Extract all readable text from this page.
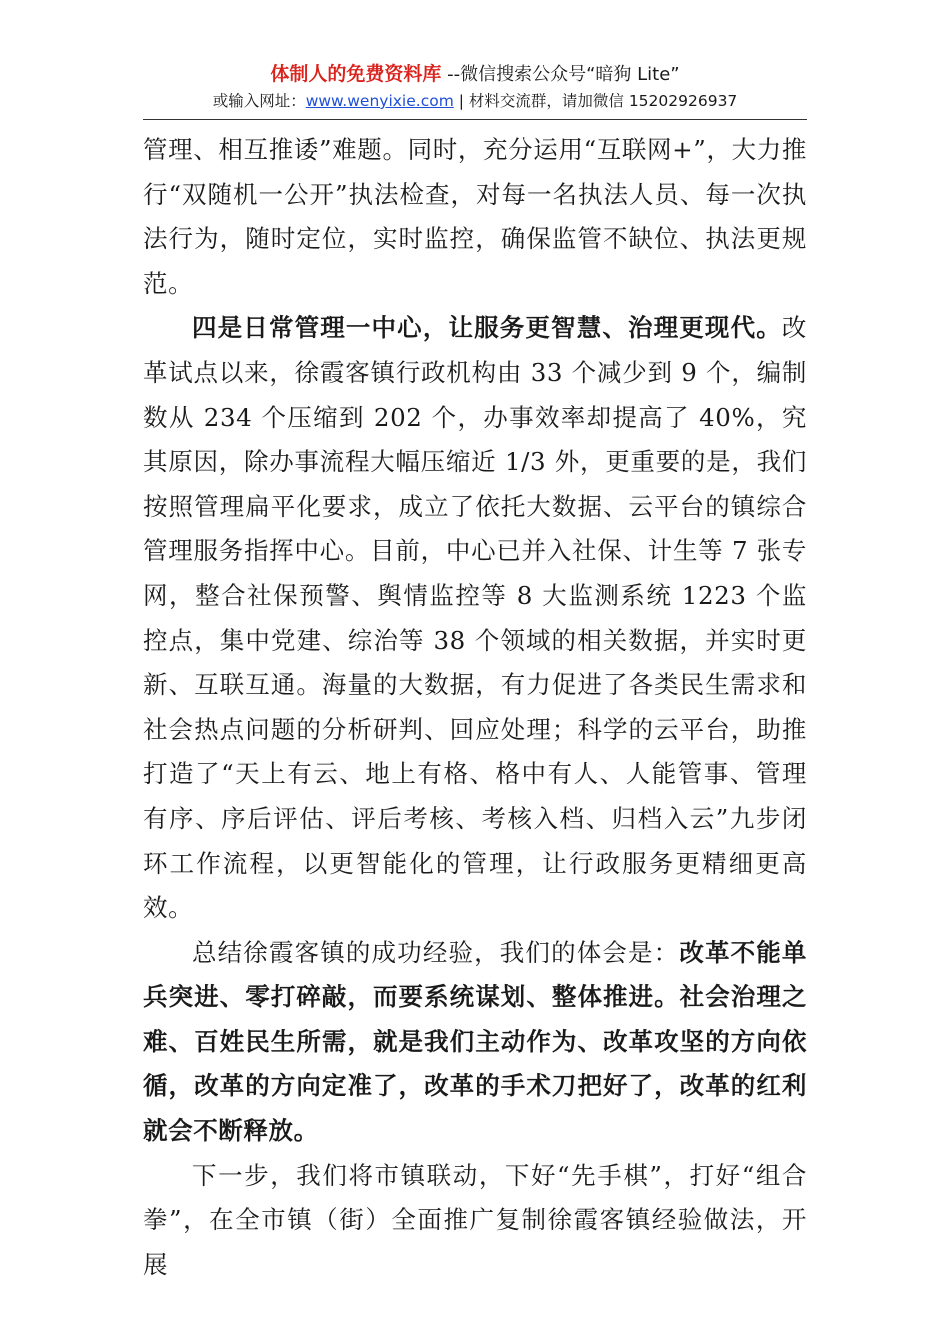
体制人的免费资料库 --微信搜索公众号“暗狗 Lite”
或输入网址：www.wenyixie.com | 材料交流群，请加微信 15202926937

管理、相互推诿”难题。同时，充分运用“互联网+”，大力推行“双随机一公开”执法检查，对每一名执法人员、每一次执法行为，随时定位，实时监控，确保监管不缺位、执法更规范。

四是日常管理一中心，让服务更智慧、治理更现代。改革试点以来，徐霞客镇行政机构由 33 个减少到 9 个，编制数从 234 个压缩到 202 个，办事效率却提高了 40%，究其原因，除办事流程大幅压缩近 1/3 外，更重要的是，我们按照管理扁平化要求，成立了依托大数据、云平台的镇综合管理服务指挥中心。目前，中心已并入社保、计生等 7 张专网，整合社保预警、舆情监控等 8 大监测系统 1223 个监控点，集中党建、综治等 38 个领域的相关数据，并实时更新、互联互通。海量的大数据，有力促进了各类民生需求和社会热点问题的分析研判、回应处理；科学的云平台，助推打造了“天上有云、地上有格、格中有人、人能管事、管理有序、序后评估、评后考核、考核入档、归档入云”九步闭环工作流程，以更智能化的管理，让行政服务更精细更高效。

总结徐霞客镇的成功经验，我们的体会是：改革不能单兵突进、零打碎敲，而要系统谋划、整体推进。社会治理之难、百姓民生所需，就是我们主动作为、改革攻坚的方向依循，改革的方向定准了，改革的手术刀把好了，改革的红利就会不断释放。

下一步，我们将市镇联动，下好“先手棋”，打好“组合拳”，在全市镇（街）全面推广复制徐霞客镇经验做法，开展
